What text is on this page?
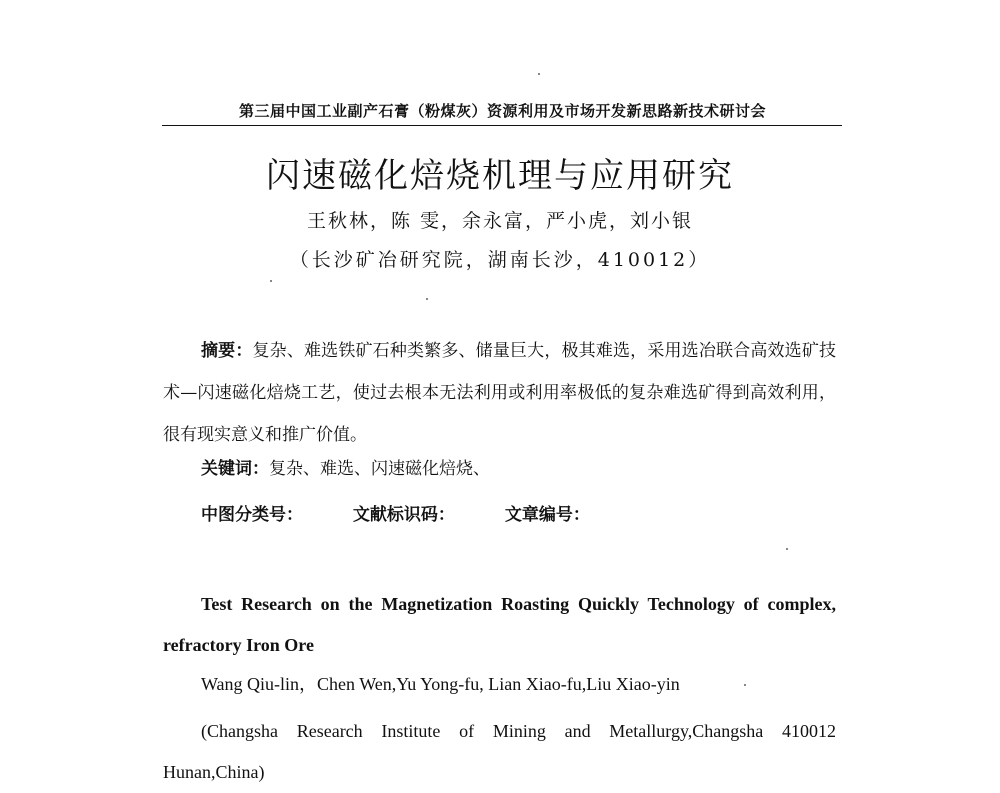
第三届中国工业副产石膏（粉煤灰）资源利用及市场开发新思路新技术研讨会
闪速磁化焙烧机理与应用研究
王秋林，陈 雯，余永富，严小虎，刘小银
（长沙矿冶研究院，湖南长沙，410012）
摘要：复杂、难选铁矿石种类繁多、储量巨大，极其难选，采用选冶联合高效选矿技术—闪速磁化焙烧工艺，使过去根本无法利用或利用率极低的复杂难选矿得到高效利用，很有现实意义和推广价值。
关键词：复杂、难选、闪速磁化焙烧、
中图分类号：	文献标识码：	文章编号：
Test Research on the Magnetization Roasting Quickly Technology of complex, refractory Iron Ore
Wang Qiu-lin，Chen Wen,Yu Yong-fu, Lian Xiao-fu,Liu Xiao-yin
(Changsha Research Institute of Mining and Metallurgy,Changsha 410012 Hunan,China)
